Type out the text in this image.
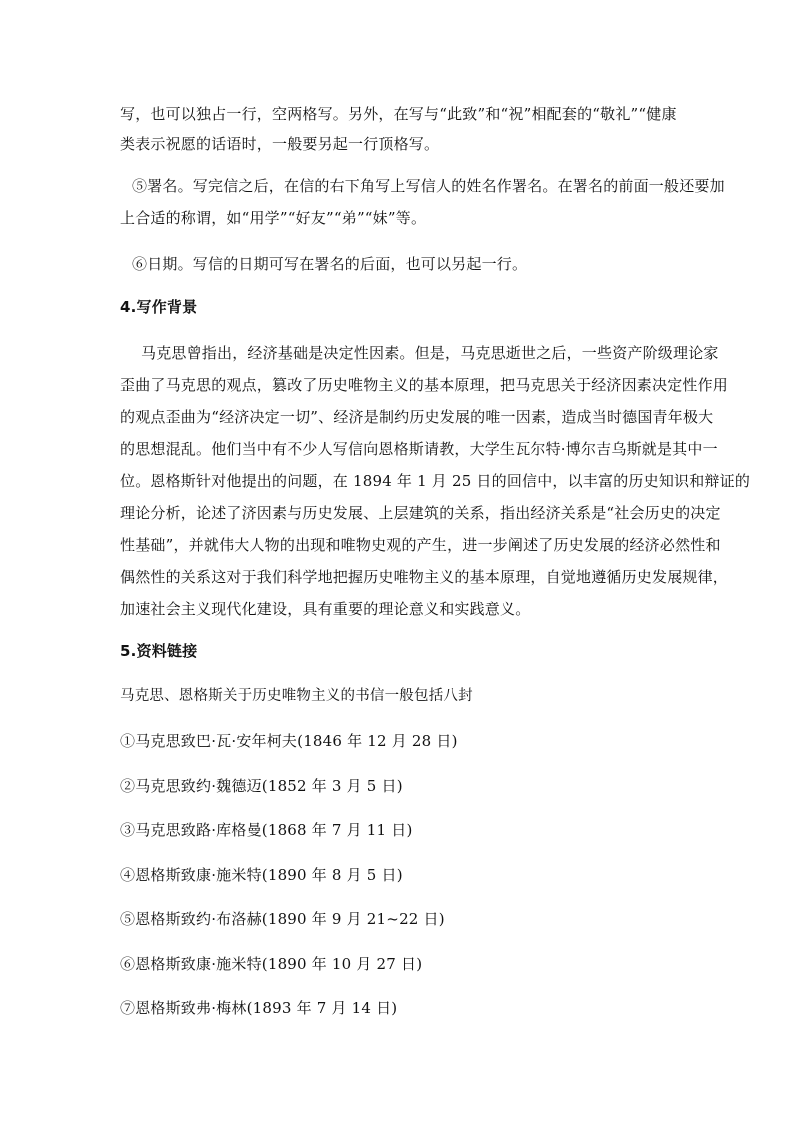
写，也可以独占一行，空两格写。另外，在写与“此致”和“祝”相配套的“敬礼”“健康
类表示祝愿的话语时，一般要另起一行顶格写。
⑤署名。写完信之后，在信的右下角写上写信人的姓名作署名。在署名的前面一般还要加
上合适的称谓，如“用学”“好友”“弟”“妹”等。
⑥日期。写信的日期可写在署名的后面，也可以另起一行。
4.写作背景
马克思曾指出，经济基础是决定性因素。但是，马克思逝世之后，一些资产阶级理论家
歪曲了马克思的观点，篡改了历史唯物主义的基本原理，把马克思关于经济因素决定性作用
的观点歪曲为“经济决定一切”、经济是制约历史发展的唯一因素，造成当时德国青年极大
的思想混乱。他们当中有不少人写信向恩格斯请教，大学生瓦尔特·博尔吉乌斯就是其中一
位。恩格斯针对他提出的问题，在 1894 年 1 月 25 日的回信中，以丰富的历史知识和辩证的
理论分析，论述了济因素与历史发展、上层建筑的关系，指出经济关系是“社会历史的决定
性基础”，并就伟大人物的出现和唯物史观的产生，进一步阐述了历史发展的经济必然性和
偶然性的关系这对于我们科学地把握历史唯物主义的基本原理，自觉地遵循历史发展规律，
加速社会主义现代化建设，具有重要的理论意义和实践意义。
5.资料链接
马克思、恩格斯关于历史唯物主义的书信一般包括八封
①马克思致巴·瓦·安年柯夫(1846 年 12 月 28 日)
②马克思致约·魏德迈(1852 年 3 月 5 日)
③马克思致路·库格曼(1868 年 7 月 11 日)
④恩格斯致康·施米特(1890 年 8 月 5 日)
⑤恩格斯致约·布洛赫(1890 年 9 月 21~22 日)
⑥恩格斯致康·施米特(1890 年 10 月 27 日)
⑦恩格斯致弗·梅林(1893 年 7 月 14 日)
